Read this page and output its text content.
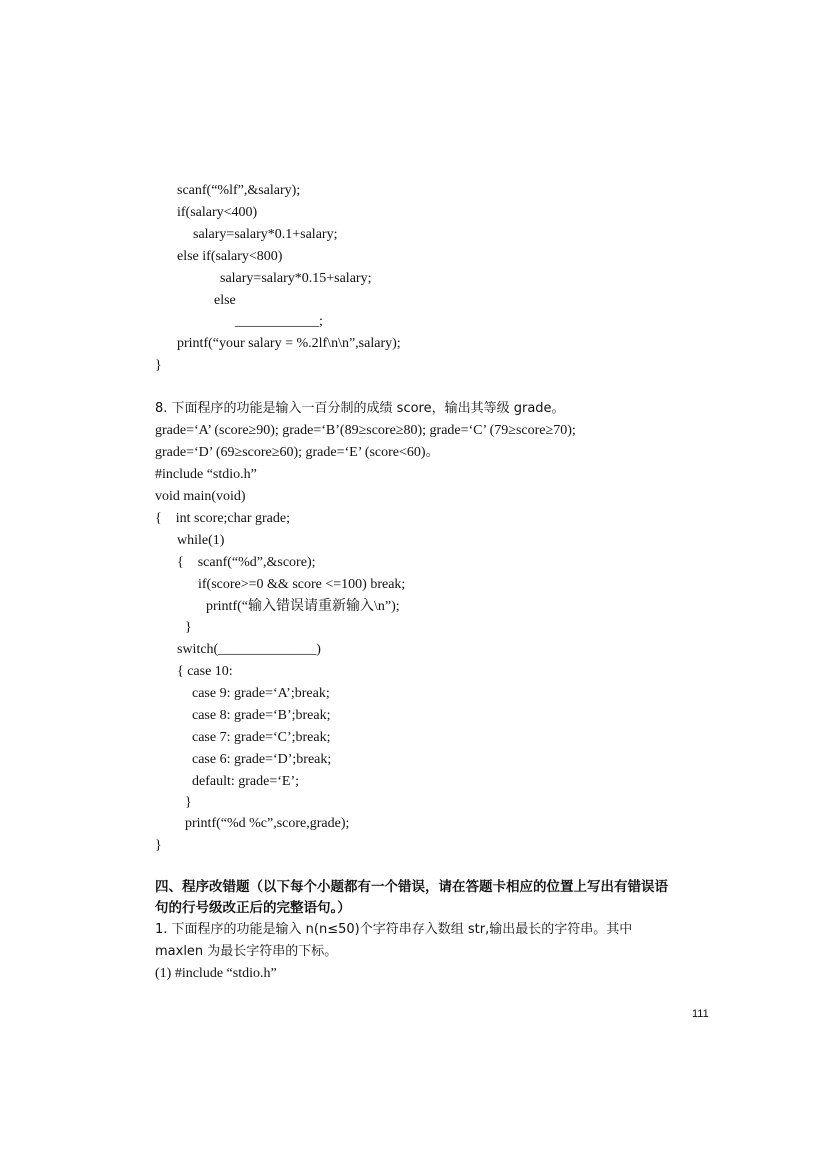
scanf(“%lf”,&salary);
if(salary<400)
salary=salary*0.1+salary;
else if(salary<800)
salary=salary*0.15+salary;
else
____________;
printf(“your salary = %.2lf\n\n”,salary);
}
8. 下面程序的功能是输入一百分制的成绩 score，输出其等级 grade。
grade=‘A’ (score≥90); grade=‘B’(89≥score≥80); grade=‘C’ (79≥score≥70);
grade=‘D’ (69≥score≥60); grade=‘E’ (score<60)。
#include “stdio.h”
void main(void)
{    int score;char grade;
while(1)
{    scanf(“%d”,&score);
if(score>=0 && score <=100) break;
printf(“输入错误请重新输入\n”);
}
switch(______________)
{ case 10:
case 9: grade=‘A’;break;
case 8: grade=‘B’;break;
case 7: grade=‘C’;break;
case 6: grade=‘D’;break;
default: grade=‘E’;
}
printf(“%d %c”,score,grade);
}
四、程序改错题（以下每个小题都有一个错误，请在答题卡相应的位置上写出有错误语
句的行号级改正后的完整语句。）
1. 下面程序的功能是输入 n(n≤50)个字符串存入数组 str,输出最长的字符串。其中
maxlen 为最长字符串的下标。
(1) #include “stdio.h”
111
